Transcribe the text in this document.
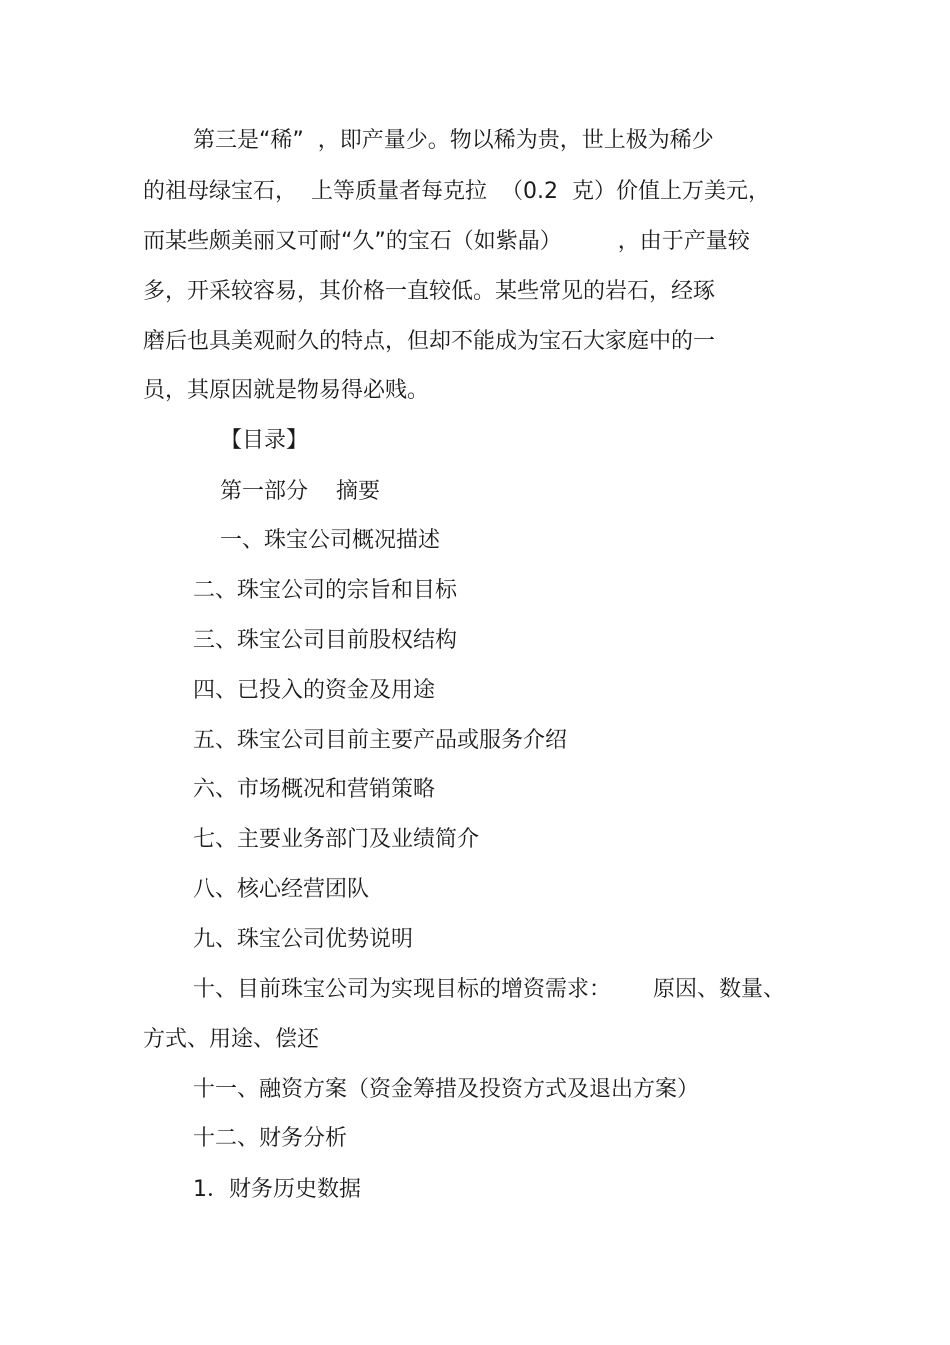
第三是“稀”  ，即产量少。物以稀为贵，世上极为稀少
的祖母绿宝石，  上等质量者每克拉  （0.2  克）价值上万美元，
而某些颇美丽又可耐“久”的宝石（如紫晶）        ，由于产量较
多，开采较容易，其价格一直较低。某些常见的岩石，经琢
磨后也具美观耐久的特点，但却不能成为宝石大家庭中的一
员，其原因就是物易得必贱。
【目录】
第一部分    摘要
一、珠宝公司概况描述
二、珠宝公司的宗旨和目标
三、珠宝公司目前股权结构
四、已投入的资金及用途
五、珠宝公司目前主要产品或服务介绍
六、市场概况和营销策略
七、主要业务部门及业绩简介
八、核心经营团队
九、珠宝公司优势说明
十、目前珠宝公司为实现目标的增资需求：      原因、数量、
方式、用途、偿还
十一、融资方案（资金筹措及投资方式及退出方案）
十二、财务分析
1．财务历史数据
